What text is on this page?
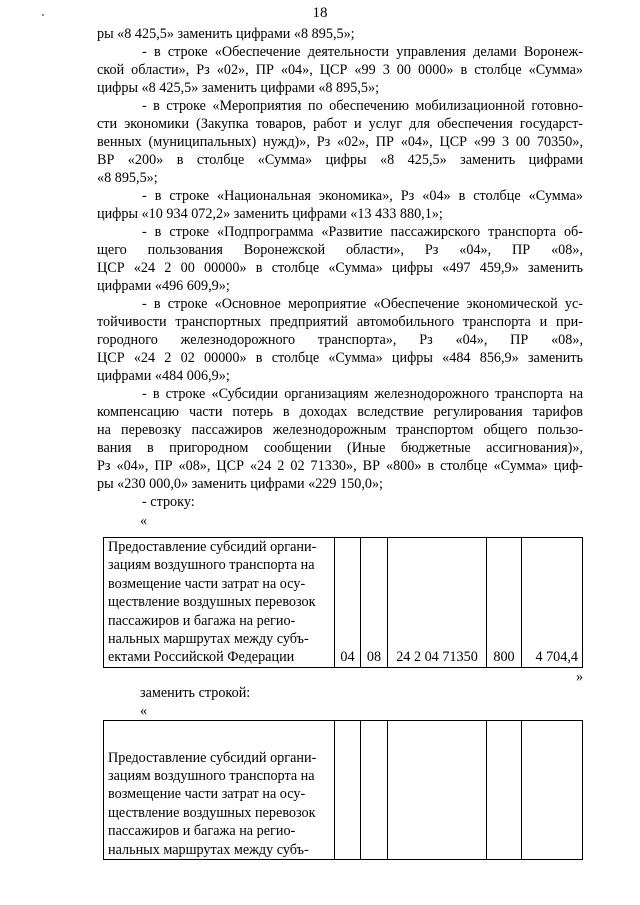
18
ры «8 425,5» заменить цифрами «8 895,5»;
- в строке «Обеспечение деятельности управления делами Воронеж-
ской области», Рз «02», ПР «04», ЦСР «99 3 00 0000» в столбце «Сумма»
цифры «8 425,5» заменить цифрами «8 895,5»;
- в строке «Мероприятия по обеспечению мобилизационной готовно-
сти экономики (Закупка товаров, работ и услуг для обеспечения государст-
венных (муниципальных) нужд)», Рз «02», ПР «04», ЦСР «99 3 00 70350»,
ВР «200» в столбце «Сумма» цифры «8 425,5» заменить цифрами
«8 895,5»;
- в строке «Национальная экономика», Рз «04» в столбце «Сумма»
цифры «10 934 072,2» заменить цифрами «13 433 880,1»;
- в строке «Подпрограмма «Развитие пассажирского транспорта об-
щего пользования Воронежской области», Рз «04», ПР «08»,
ЦСР «24 2 00 00000» в столбце «Сумма» цифры «497 459,9» заменить
цифрами «496 609,9»;
- в строке «Основное мероприятие «Обеспечение экономической ус-
тойчивости транспортных предприятий автомобильного транспорта и при-
городного железнодорожного транспорта», Рз «04», ПР «08»,
ЦСР «24 2 02 00000» в столбце «Сумма» цифры «484 856,9» заменить
цифрами «484 006,9»;
- в строке «Субсидии организациям железнодорожного транспорта на
компенсацию части потерь в доходах вследствие регулирования тарифов
на перевозку пассажиров железнодорожным транспортом общего пользо-
вания в пригородном сообщении (Иные бюджетные ассигнования)»,
Рз «04», ПР «08», ЦСР «24 2 02 71330», ВР «800» в столбце «Сумма» циф-
ры «230 000,0» заменить цифрами «229 150,0»;
- строку:
«
Предоставление субсидий органи-
зациям воздушного транспорта на
возмещение части затрат на осу-
ществление воздушных перевозок
пассажиров и багажа на регио-
нальных маршрутах между субъ-
ектами Российской Федерации	04	08	24 2 04 71350	800	4 704,4
»
заменить строкой:
«
Предоставление субсидий органи-
зациям воздушного транспорта на
возмещение части затрат на осу-
ществление воздушных перевозок
пассажиров и багажа на регио-
нальных маршрутах между субъ-
